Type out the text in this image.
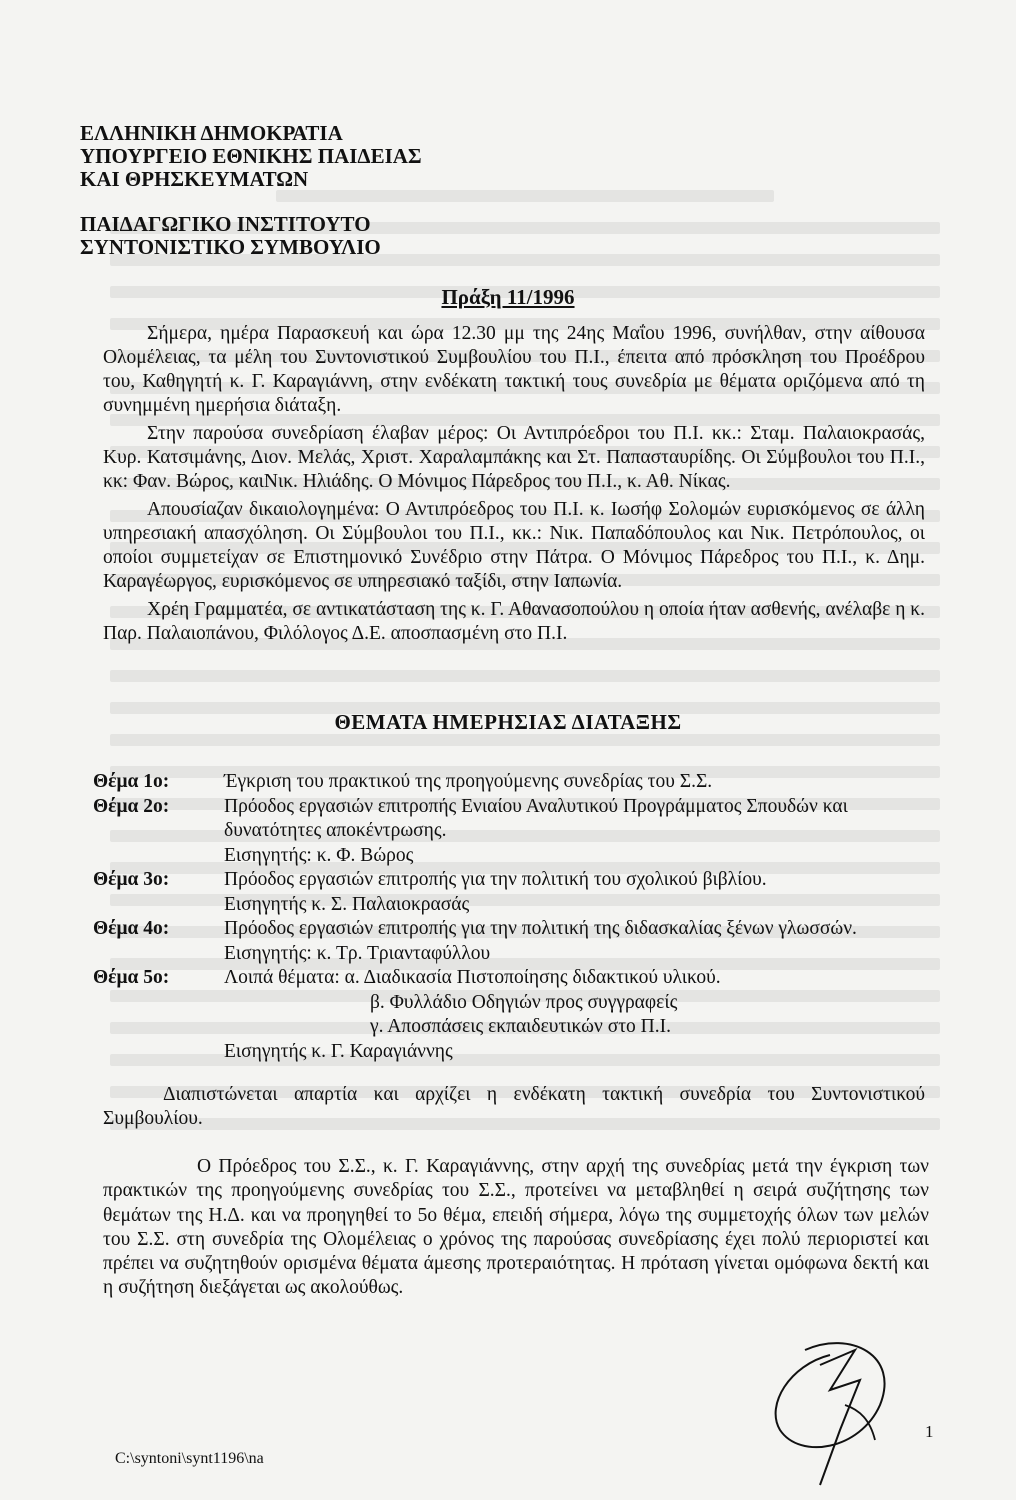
ΕΛΛΗΝΙΚΗ ΔΗΜΟΚΡΑΤΙΑ
ΥΠΟΥΡΓΕΙΟ ΕΘΝΙΚΗΣ ΠΑΙΔΕΙΑΣ
ΚΑΙ ΘΡΗΣΚΕΥΜΑΤΩΝ
ΠΑΙΔΑΓΩΓΙΚΟ ΙΝΣΤΙΤΟΥΤΟ
ΣΥΝΤΟΝΙΣΤΙΚΟ ΣΥΜΒΟΥΛΙΟ
Πράξη 11/1996

Σήμερα, ημέρα Παρασκευή και ώρα 12.30 μμ της 24ης Μαΐου 1996, συνήλθαν, στην αίθουσα Ολομέλειας, τα μέλη του Συντονιστικού Συμβουλίου του Π.Ι., έπειτα από πρόσκληση του Προέδρου του, Καθηγητή κ. Γ. Καραγιάννη, στην ενδέκατη τακτική τους συνεδρία με θέματα οριζόμενα από τη συνημμένη ημερήσια διάταξη.

Στην παρούσα συνεδρίαση έλαβαν μέρος: Οι Αντιπρόεδροι του Π.Ι. κκ.: Σταμ. Παλαιοκρασάς, Κυρ. Κατσιμάνης, Διον. Μελάς, Χριστ. Χαραλαμπάκης και Στ. Παπασταυρίδης. Οι Σύμβουλοι του Π.Ι., κκ: Φαν. Βώρος, καιΝικ. Ηλιάδης. Ο Μόνιμος Πάρεδρος του Π.Ι., κ. Αθ. Νίκας.

Απουσίαζαν δικαιολογημένα: Ο Αντιπρόεδρος του Π.Ι. κ. Ιωσήφ Σολομών ευρισκόμενος σε άλλη υπηρεσιακή απασχόληση. Οι Σύμβουλοι του Π.Ι., κκ.: Νικ. Παπαδόπουλος και Νικ. Πετρόπουλος, οι οποίοι συμμετείχαν σε Επιστημονικό Συνέδριο στην Πάτρα. Ο Μόνιμος Πάρεδρος του Π.Ι., κ. Δημ. Καραγέωργος, ευρισκόμενος σε υπηρεσιακό ταξίδι, στην Ιαπωνία.

Χρέη Γραμματέα, σε αντικατάσταση της κ. Γ. Αθανασοπούλου η οποία ήταν ασθενής, ανέλαβε η κ. Παρ. Παλαιοπάνου, Φιλόλογος Δ.Ε. αποσπασμένη στο Π.Ι.

ΘΕΜΑΤΑ ΗΜΕΡΗΣΙΑΣ ΔΙΑΤΑΞΗΣ
Θέμα 1ο:	Έγκριση του πρακτικού της προηγούμενης συνεδρίας του Σ.Σ.
Θέμα 2ο:	Πρόοδος εργασιών επιτροπής Ενιαίου Αναλυτικού Προγράμματος Σπουδών και δυνατότητες αποκέντρωσης.
Εισηγητής: κ. Φ. Βώρος
Θέμα 3ο:	Πρόοδος εργασιών επιτροπής για την πολιτική του σχολικού βιβλίου.
Εισηγητής κ. Σ. Παλαιοκρασάς
Θέμα 4ο:	Πρόοδος εργασιών επιτροπής για την πολιτική της διδασκαλίας ξένων γλωσσών.
Εισηγητής: κ. Τρ. Τριανταφύλλου
Θέμα 5ο:	Λοιπά θέματα: α. Διαδικασία Πιστοποίησης διδακτικού υλικού.
β. Φυλλάδιο Οδηγιών προς συγγραφείς
γ. Αποσπάσεις εκπαιδευτικών στο Π.Ι.
Εισηγητής κ. Γ. Καραγιάννης

Διαπιστώνεται απαρτία και αρχίζει η ενδέκατη τακτική συνεδρία του Συντονιστικού Συμβουλίου.

Ο Πρόεδρος του Σ.Σ., κ. Γ. Καραγιάννης, στην αρχή της συνεδρίας μετά την έγκριση των πρακτικών της προηγούμενης συνεδρίας του Σ.Σ., προτείνει να μεταβληθεί η σειρά συζήτησης των θεμάτων της Η.Δ. και να προηγηθεί το 5ο θέμα, επειδή σήμερα, λόγω της συμμετοχής όλων των μελών του Σ.Σ. στη συνεδρία της Ολομέλειας ο χρόνος της παρούσας συνεδρίασης έχει πολύ περιοριστεί και πρέπει να συζητηθούν ορισμένα θέματα άμεσης προτεραιότητας. Η πρόταση γίνεται ομόφωνα δεκτή και η συζήτηση διεξάγεται ως ακολούθως.

C:\syntoni\synt1196\na
1
